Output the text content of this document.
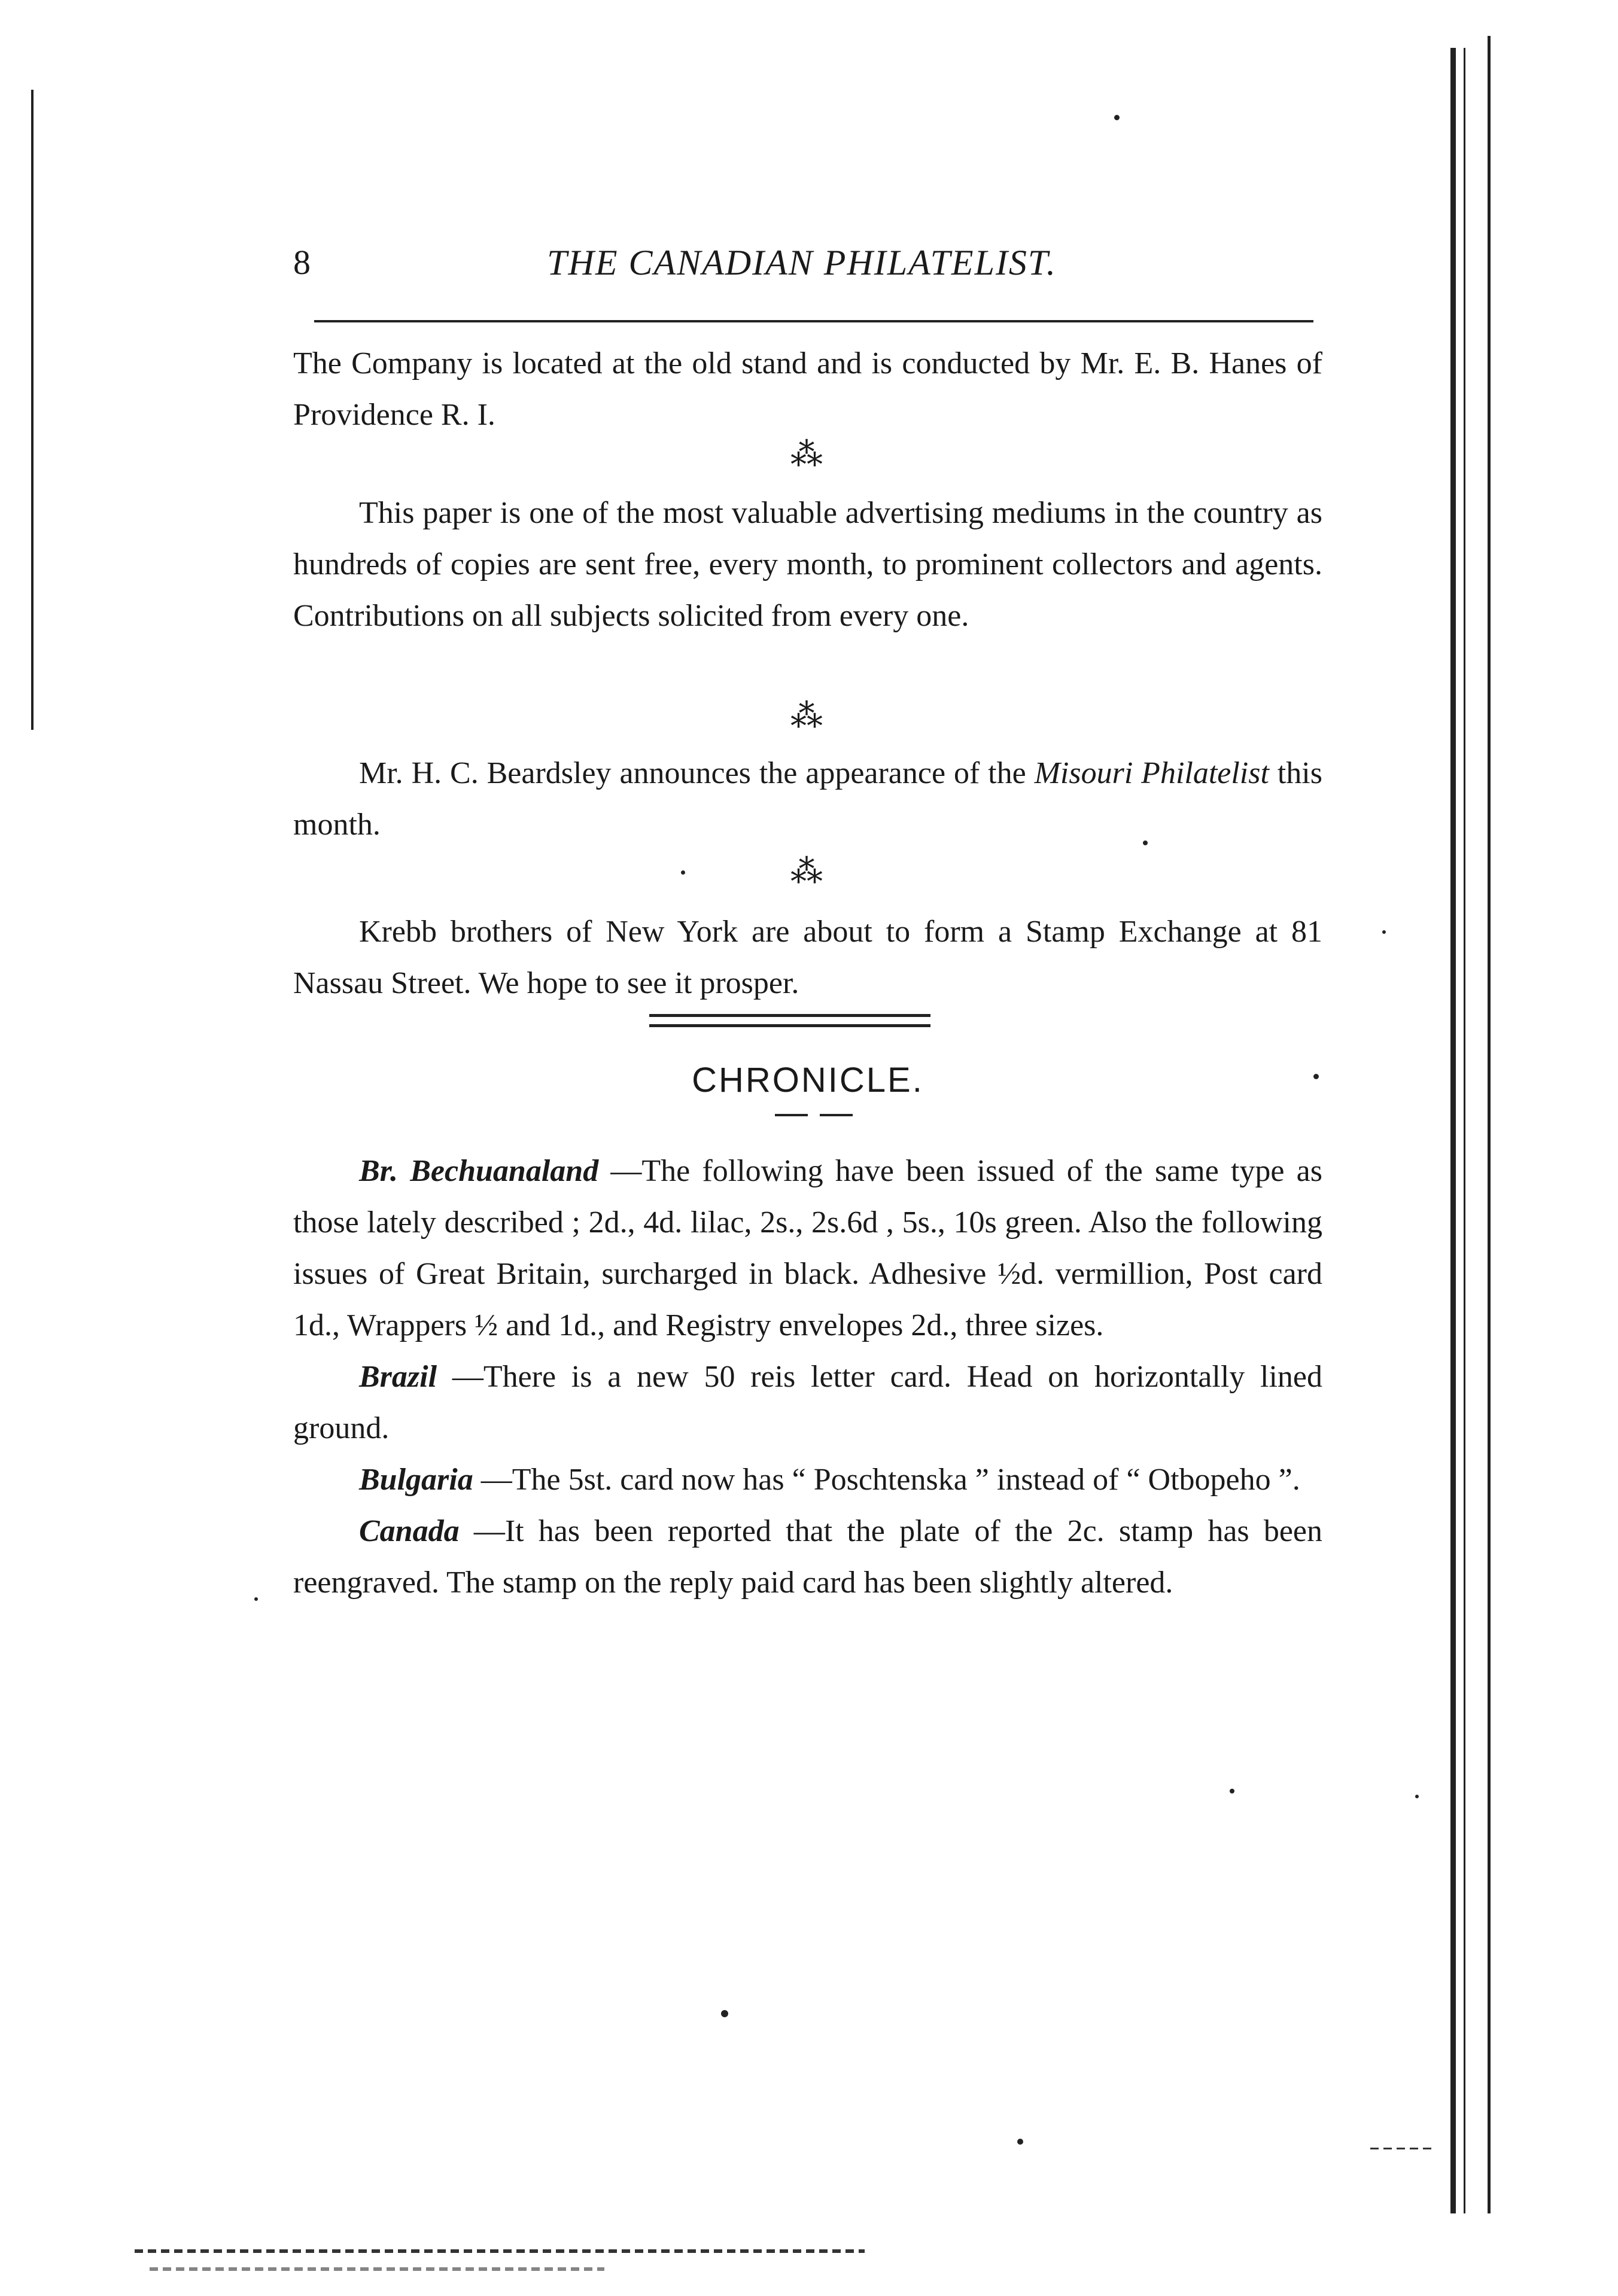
8	THE CANADIAN PHILATELIST.

The Company is located at the old stand and is conducted by Mr. E. B. Hanes of Providence R. I.

⁂

This paper is one of the most valuable advertising mediums in the country as hundreds of copies are sent free, every month, to prominent collectors and agents. Contributions on all subjects solicited from every one.

⁂

Mr. H. C. Beardsley announces the appearance of the Misouri Philatelist this month.

⁂

Krebb brothers of New York are about to form a Stamp Exchange at 81 Nassau Street. We hope to see it prosper.

CHRONICLE.

Br. Bechuanaland —The following have been issued of the same type as those lately described ; 2d., 4d. lilac, 2s., 2s.6d , 5s., 10s green. Also the following issues of Great Britain, surcharged in black. Adhesive ½d. vermillion, Post card 1d., Wrappers ½ and 1d., and Registry envelopes 2d., three sizes.

Brazil —There is a new 50 reis letter card. Head on horizontally lined ground.

Bulgaria —The 5st. card now has “ Poschtenska ” instead of “ Otbopeho ”.

Canada —It has been reported that the plate of the 2c. stamp has been reengraved. The stamp on the reply paid card has been slightly altered.
